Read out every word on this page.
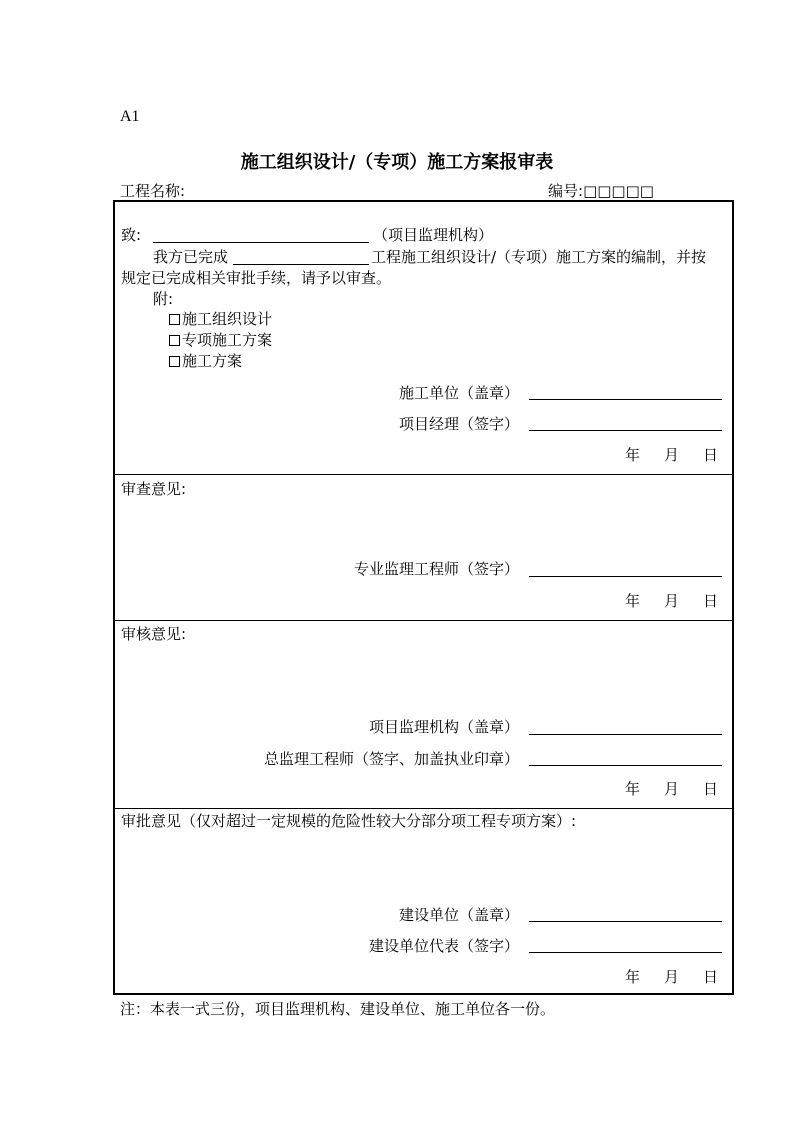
A1
施工组织设计/（专项）施工方案报审表
工程名称:	编号:□□□□□
致:	（项目监理机构）
我方已完成	工程施工组织设计/（专项）施工方案的编制，并按
规定已完成相关审批手续，请予以审查。
附:
施工组织设计
专项施工方案
施工方案
施工单位（盖章）
项目经理（签字）
年 月 日
审查意见:
专业监理工程师（签字）
年 月 日
审核意见:
项目监理机构（盖章）
总监理工程师（签字、加盖执业印章）
年 月 日
审批意见（仅对超过一定规模的危险性较大分部分项工程专项方案）:
建设单位（盖章）
建设单位代表（签字）
年 月 日
注：本表一式三份，项目监理机构、建设单位、施工单位各一份。
